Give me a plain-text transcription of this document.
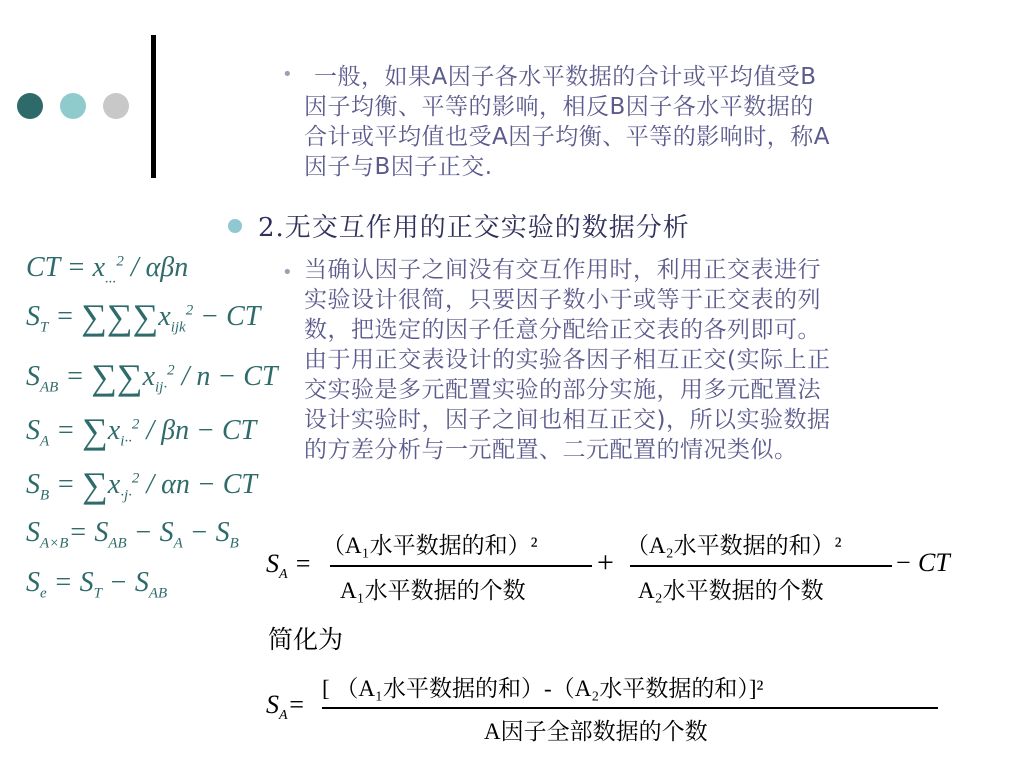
• 一般，如果A因子各水平数据的合计或平均值受B
因子均衡、平等的影响，相反B因子各水平数据的
合计或平均值也受A因子均衡、平等的影响时，称A
因子与B因子正交.
2.无交互作用的正交实验的数据分析
• 当确认因子之间没有交互作用时，利用正交表进行
实验设计很简，只要因子数小于或等于正交表的列
数，把选定的因子任意分配给正交表的各列即可。
由于用正交表设计的实验各因子相互正交(实际上正
交实验是多元配置实验的部分实施，用多元配置法
设计实验时，因子之间也相互正交)，所以实验数据
的方差分析与一元配置、二元配置的情况类似。
CT = $x_{...}^2$ / αβn
$S_T = \sum\sum\sum x_{ijk}^2$ − CT
$S_{AB} = \sum\sum x_{ij\cdot}^2 / n$ − CT
$S_A = \sum x_{i\cdot\cdot}^2 / \beta n$ − CT
$S_B = \sum x_{\cdot j\cdot}^2 / \alpha n$ − CT
$S_{A\times B}= S_{AB} - S_A - S_B$
$S_e = S_T - S_{AB}$
$S_A$ =
（A₁水平数据的和）²
A₁水平数据的个数
+
（A₂水平数据的和）²
A₂水平数据的个数
− CT
简化为
$S_A=$
[ （A₁水平数据的和）-（A₂水平数据的和）]²
A因子全部数据的个数
